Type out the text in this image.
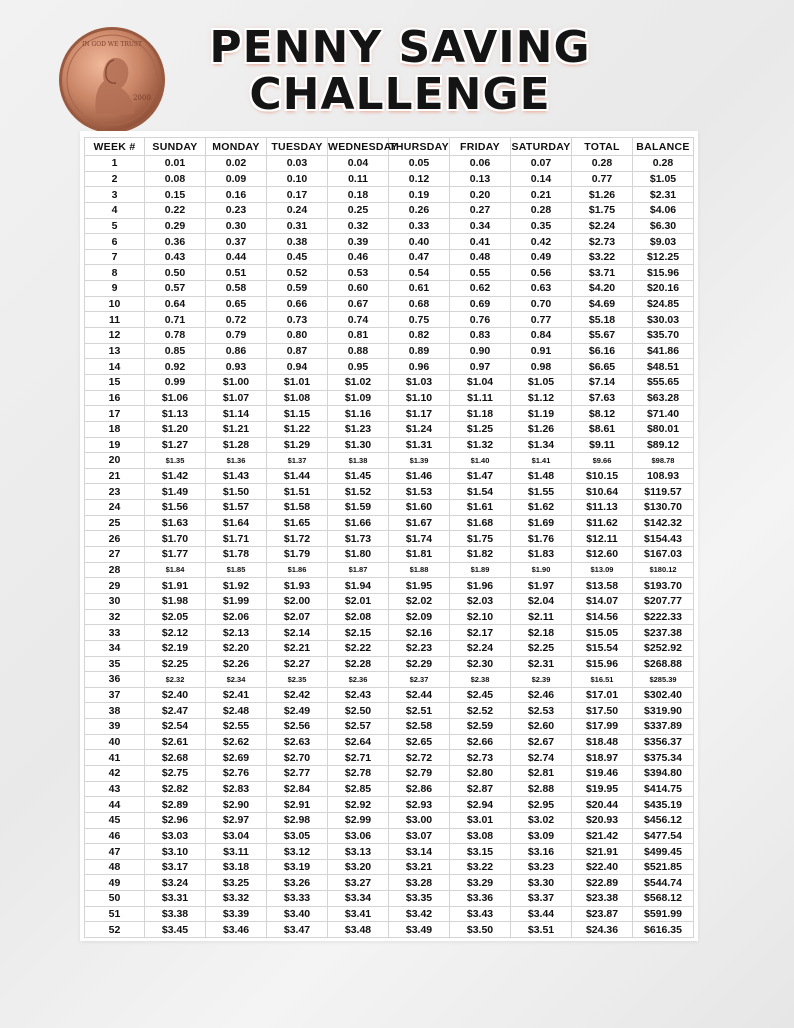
IN GOD WE TRUST
2000
PENNY SAVING
CHALLENGE
WEEK #	SUNDAY	MONDAY	TUESDAY	WEDNESDAY	THURSDAY	FRIDAY	SATURDAY	TOTAL	BALANCE
1	0.01	0.02	0.03	0.04	0.05	0.06	0.07	0.28	0.28
2	0.08	0.09	0.10	0.11	0.12	0.13	0.14	0.77	$1.05
3	0.15	0.16	0.17	0.18	0.19	0.20	0.21	$1.26	$2.31
4	0.22	0.23	0.24	0.25	0.26	0.27	0.28	$1.75	$4.06
5	0.29	0.30	0.31	0.32	0.33	0.34	0.35	$2.24	$6.30
6	0.36	0.37	0.38	0.39	0.40	0.41	0.42	$2.73	$9.03
7	0.43	0.44	0.45	0.46	0.47	0.48	0.49	$3.22	$12.25
8	0.50	0.51	0.52	0.53	0.54	0.55	0.56	$3.71	$15.96
9	0.57	0.58	0.59	0.60	0.61	0.62	0.63	$4.20	$20.16
10	0.64	0.65	0.66	0.67	0.68	0.69	0.70	$4.69	$24.85
11	0.71	0.72	0.73	0.74	0.75	0.76	0.77	$5.18	$30.03
12	0.78	0.79	0.80	0.81	0.82	0.83	0.84	$5.67	$35.70
13	0.85	0.86	0.87	0.88	0.89	0.90	0.91	$6.16	$41.86
14	0.92	0.93	0.94	0.95	0.96	0.97	0.98	$6.65	$48.51
15	0.99	$1.00	$1.01	$1.02	$1.03	$1.04	$1.05	$7.14	$55.65
16	$1.06	$1.07	$1.08	$1.09	$1.10	$1.11	$1.12	$7.63	$63.28
17	$1.13	$1.14	$1.15	$1.16	$1.17	$1.18	$1.19	$8.12	$71.40
18	$1.20	$1.21	$1.22	$1.23	$1.24	$1.25	$1.26	$8.61	$80.01
19	$1.27	$1.28	$1.29	$1.30	$1.31	$1.32	$1.34	$9.11	$89.12
20	$1.35	$1.36	$1.37	$1.38	$1.39	$1.40	$1.41	$9.66	$98.78
21	$1.42	$1.43	$1.44	$1.45	$1.46	$1.47	$1.48	$10.15	108.93
23	$1.49	$1.50	$1.51	$1.52	$1.53	$1.54	$1.55	$10.64	$119.57
24	$1.56	$1.57	$1.58	$1.59	$1.60	$1.61	$1.62	$11.13	$130.70
25	$1.63	$1.64	$1.65	$1.66	$1.67	$1.68	$1.69	$11.62	$142.32
26	$1.70	$1.71	$1.72	$1.73	$1.74	$1.75	$1.76	$12.11	$154.43
27	$1.77	$1.78	$1.79	$1.80	$1.81	$1.82	$1.83	$12.60	$167.03
28	$1.84	$1.85	$1.86	$1.87	$1.88	$1.89	$1.90	$13.09	$180.12
29	$1.91	$1.92	$1.93	$1.94	$1.95	$1.96	$1.97	$13.58	$193.70
30	$1.98	$1.99	$2.00	$2.01	$2.02	$2.03	$2.04	$14.07	$207.77
32	$2.05	$2.06	$2.07	$2.08	$2.09	$2.10	$2.11	$14.56	$222.33
33	$2.12	$2.13	$2.14	$2.15	$2.16	$2.17	$2.18	$15.05	$237.38
34	$2.19	$2.20	$2.21	$2.22	$2.23	$2.24	$2.25	$15.54	$252.92
35	$2.25	$2.26	$2.27	$2.28	$2.29	$2.30	$2.31	$15.96	$268.88
36	$2.32	$2.34	$2.35	$2.36	$2.37	$2.38	$2.39	$16.51	$285.39
37	$2.40	$2.41	$2.42	$2.43	$2.44	$2.45	$2.46	$17.01	$302.40
38	$2.47	$2.48	$2.49	$2.50	$2.51	$2.52	$2.53	$17.50	$319.90
39	$2.54	$2.55	$2.56	$2.57	$2.58	$2.59	$2.60	$17.99	$337.89
40	$2.61	$2.62	$2.63	$2.64	$2.65	$2.66	$2.67	$18.48	$356.37
41	$2.68	$2.69	$2.70	$2.71	$2.72	$2.73	$2.74	$18.97	$375.34
42	$2.75	$2.76	$2.77	$2.78	$2.79	$2.80	$2.81	$19.46	$394.80
43	$2.82	$2.83	$2.84	$2.85	$2.86	$2.87	$2.88	$19.95	$414.75
44	$2.89	$2.90	$2.91	$2.92	$2.93	$2.94	$2.95	$20.44	$435.19
45	$2.96	$2.97	$2.98	$2.99	$3.00	$3.01	$3.02	$20.93	$456.12
46	$3.03	$3.04	$3.05	$3.06	$3.07	$3.08	$3.09	$21.42	$477.54
47	$3.10	$3.11	$3.12	$3.13	$3.14	$3.15	$3.16	$21.91	$499.45
48	$3.17	$3.18	$3.19	$3.20	$3.21	$3.22	$3.23	$22.40	$521.85
49	$3.24	$3.25	$3.26	$3.27	$3.28	$3.29	$3.30	$22.89	$544.74
50	$3.31	$3.32	$3.33	$3.34	$3.35	$3.36	$3.37	$23.38	$568.12
51	$3.38	$3.39	$3.40	$3.41	$3.42	$3.43	$3.44	$23.87	$591.99
52	$3.45	$3.46	$3.47	$3.48	$3.49	$3.50	$3.51	$24.36	$616.35
